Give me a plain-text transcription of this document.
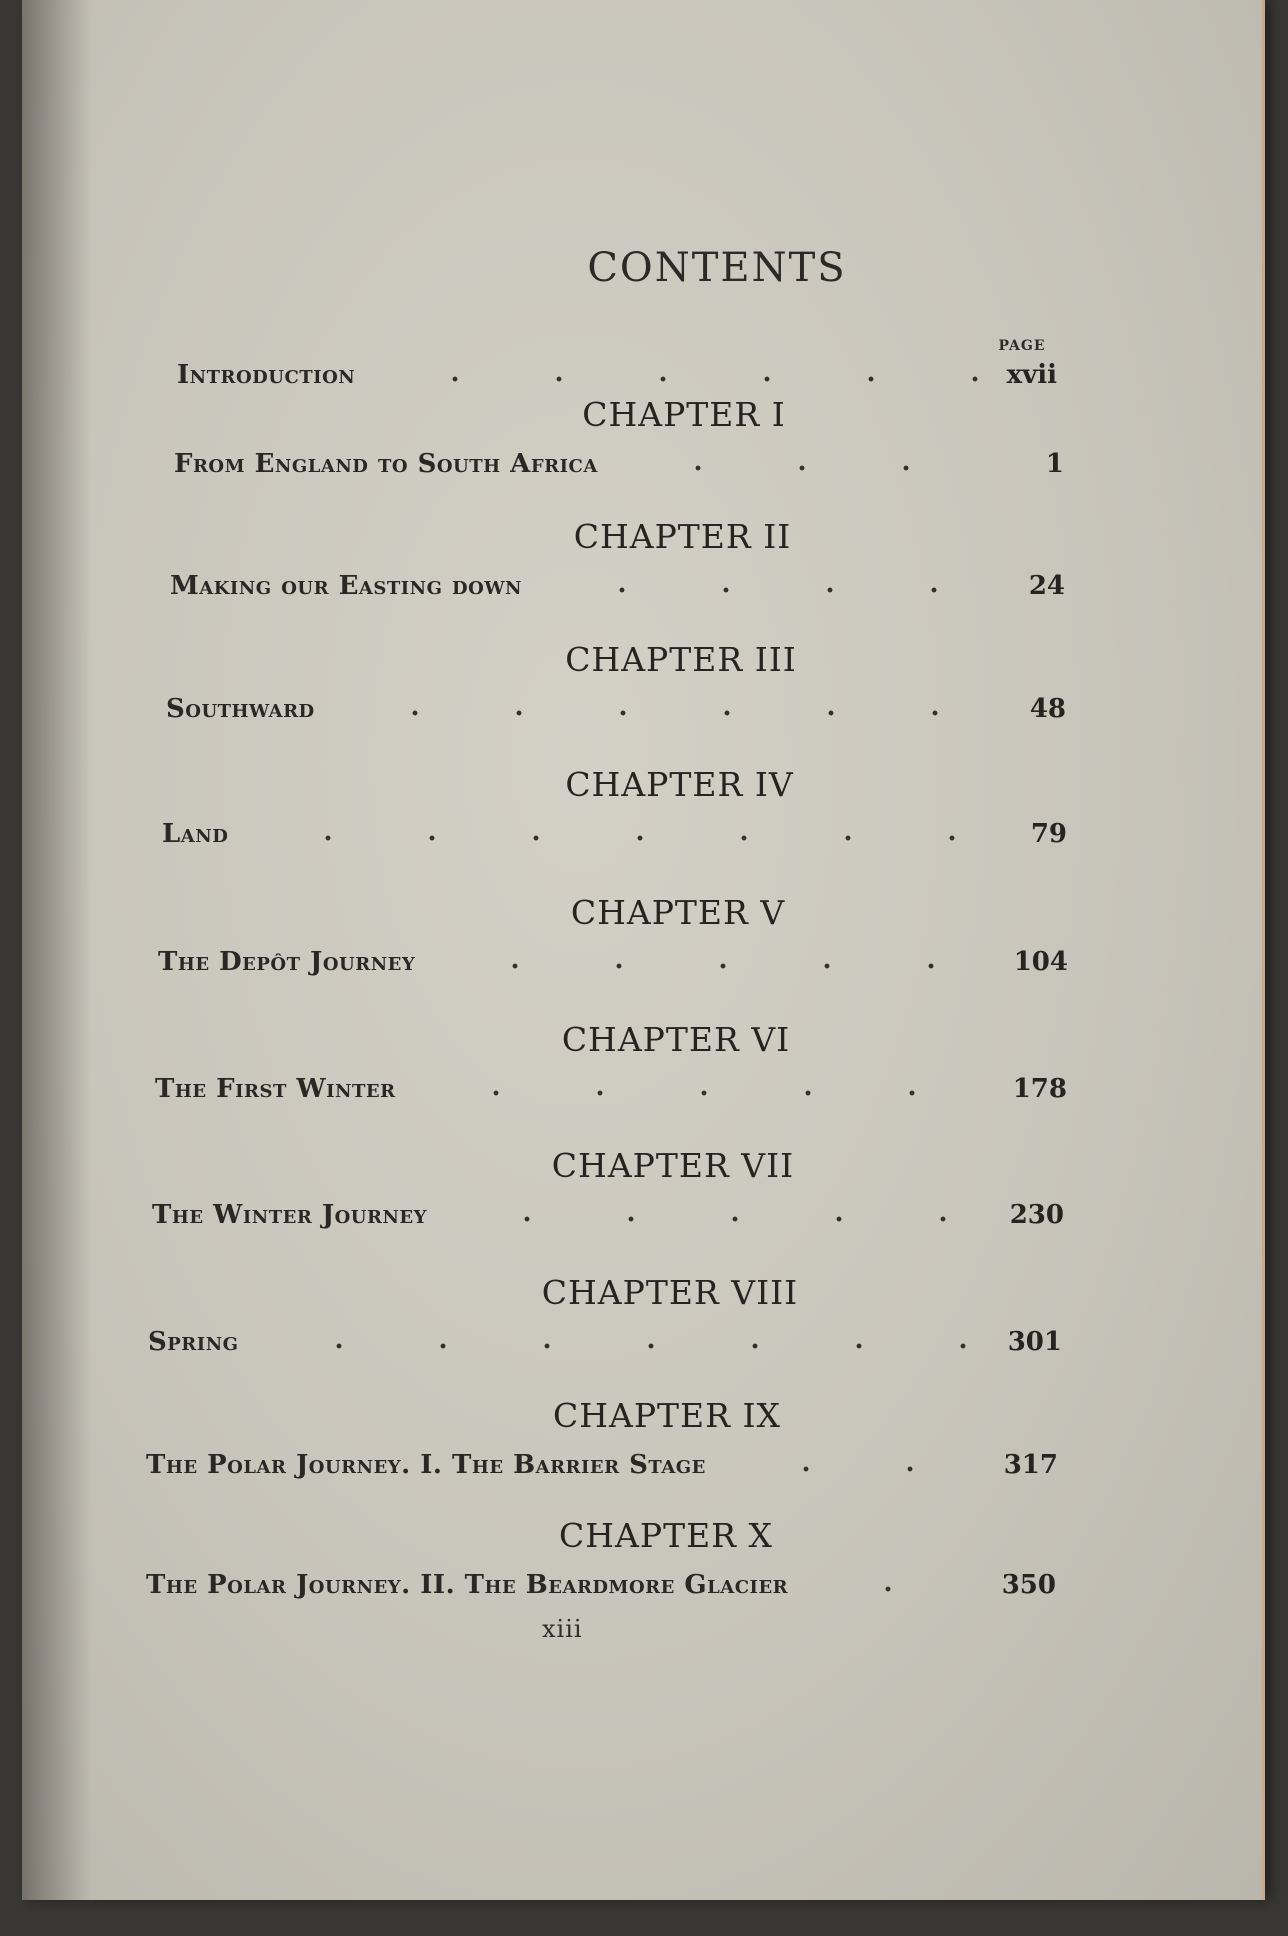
CONTENTS
PAGE
Introduction	xvii
CHAPTER I
From England to South Africa	1
CHAPTER II
Making our Easting down	24
CHAPTER III
Southward	48
CHAPTER IV
Land	79
CHAPTER V
The Depôt Journey	104
CHAPTER VI
The First Winter	178
CHAPTER VII
The Winter Journey	230
CHAPTER VIII
Spring	301
CHAPTER IX
The Polar Journey. I. The Barrier Stage	317
CHAPTER X
The Polar Journey. II. The Beardmore Glacier	350
xiii
